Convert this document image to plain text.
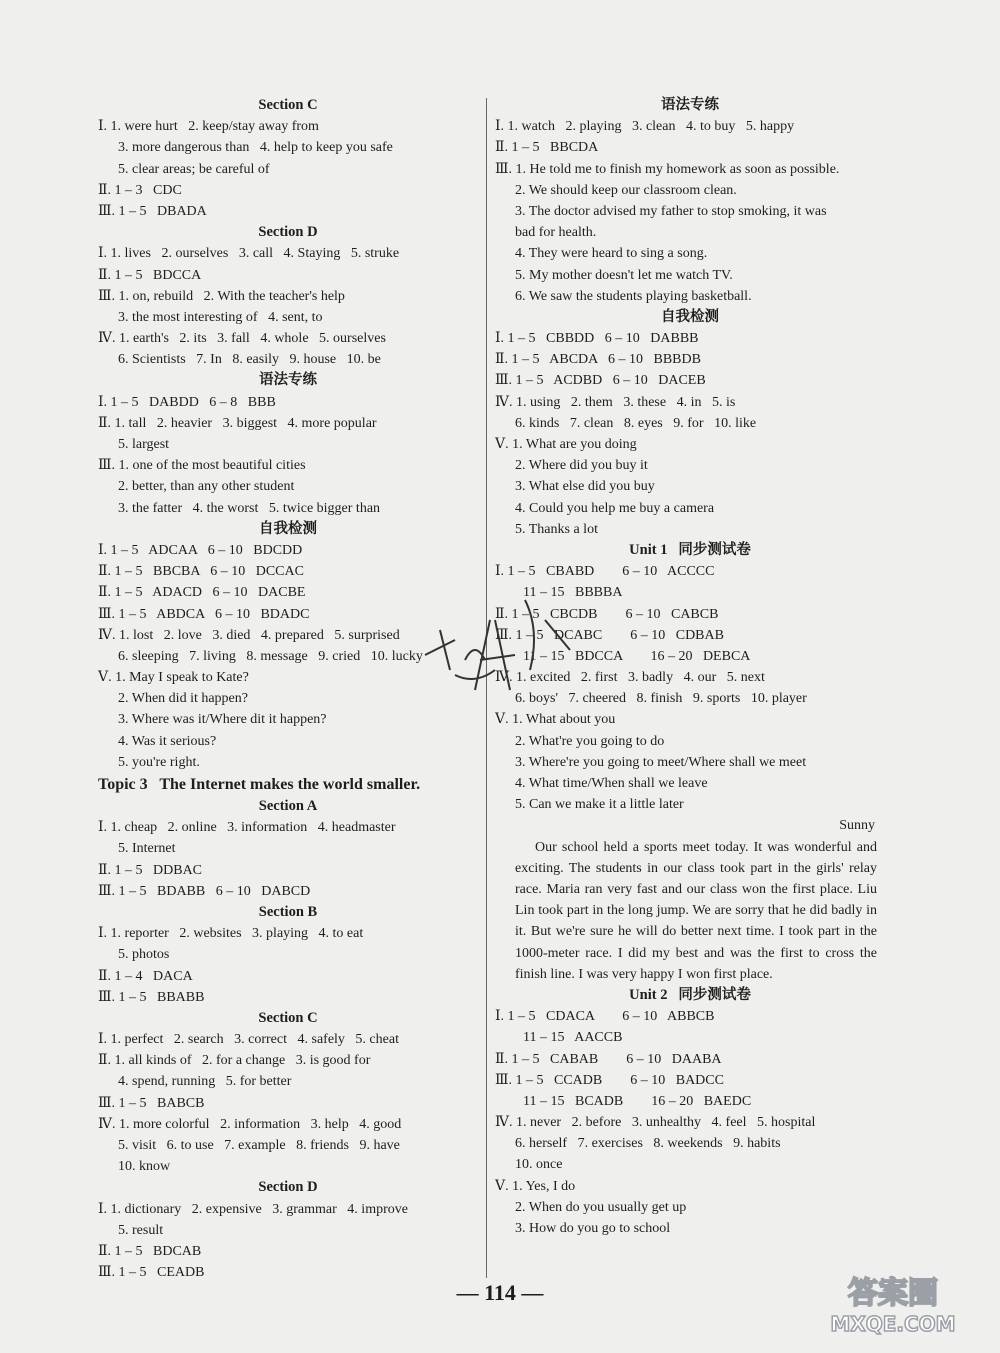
Section C
Ⅰ. 1. were hurt   2. keep/stay away from
3. more dangerous than   4. help to keep you safe
5. clear areas; be careful of
Ⅱ. 1 – 3   CDC
Ⅲ. 1 – 5   DBADA
Section D
Ⅰ. 1. lives   2. ourselves   3. call   4. Staying   5. struke
Ⅱ. 1 – 5   BDCCA
Ⅲ. 1. on, rebuild   2. With the teacher's help
3. the most interesting of   4. sent, to
Ⅳ. 1. earth's   2. its   3. fall   4. whole   5. ourselves
6. Scientists   7. In   8. easily   9. house   10. be
语法专练
Ⅰ. 1 – 5   DABDD   6 – 8   BBB
Ⅱ. 1. tall   2. heavier   3. biggest   4. more popular
5. largest
Ⅲ. 1. one of the most beautiful cities
2. better, than any other student
3. the fatter   4. the worst   5. twice bigger than
自我检测
Ⅰ. 1 – 5   ADCAA   6 – 10   BDCDD
Ⅱ. 1 – 5   BBCBA   6 – 10   DCCAC
Ⅱ. 1 – 5   ADACD   6 – 10   DACBE
Ⅲ. 1 – 5   ABDCA   6 – 10   BDADC
Ⅳ. 1. lost   2. love   3. died   4. prepared   5. surprised
6. sleeping   7. living   8. message   9. cried   10. lucky
Ⅴ. 1. May I speak to Kate?
2. When did it happen?
3. Where was it/Where dit it happen?
4. Was it serious?
5. you're right.
Topic 3   The Internet makes the world smaller.
Section A
Ⅰ. 1. cheap   2. online   3. information   4. headmaster
5. Internet
Ⅱ. 1 – 5   DDBAC
Ⅲ. 1 – 5   BDABB   6 – 10   DABCD
Section B
Ⅰ. 1. reporter   2. websites   3. playing   4. to eat
5. photos
Ⅱ. 1 – 4   DACA
Ⅲ. 1 – 5   BBABB
Section C
Ⅰ. 1. perfect   2. search   3. correct   4. safely   5. cheat
Ⅱ. 1. all kinds of   2. for a change   3. is good for
4. spend, running   5. for better
Ⅲ. 1 – 5   BABCB
Ⅳ. 1. more colorful   2. information   3. help   4. good
5. visit   6. to use   7. example   8. friends   9. have
10. know
Section D
Ⅰ. 1. dictionary   2. expensive   3. grammar   4. improve
5. result
Ⅱ. 1 – 5   BDCAB
Ⅲ. 1 – 5   CEADB
语法专练
Ⅰ. 1. watch   2. playing   3. clean   4. to buy   5. happy
Ⅱ. 1 – 5   BBCDA
Ⅲ. 1. He told me to finish my homework as soon as possible.
2. We should keep our classroom clean.
3. The doctor advised my father to stop smoking, it was
bad for health.
4. They were heard to sing a song.
5. My mother doesn't let me watch TV.
6. We saw the students playing basketball.
自我检测
Ⅰ. 1 – 5   CBBDD   6 – 10   DABBB
Ⅱ. 1 – 5   ABCDA   6 – 10   BBBDB
Ⅲ. 1 – 5   ACDBD   6 – 10   DACEB
Ⅳ. 1. using   2. them   3. these   4. in   5. is
6. kinds   7. clean   8. eyes   9. for   10. like
Ⅴ. 1. What are you doing
2. Where did you buy it
3. What else did you buy
4. Could you help me buy a camera
5. Thanks a lot
Unit 1   同步测试卷
Ⅰ. 1 – 5   CBABD        6 – 10   ACCCC
11 – 15   BBBBA
Ⅱ. 1 – 5   CBCDB        6 – 10   CABCB
Ⅲ. 1 – 5   DCABC        6 – 10   CDBAB
11 – 15   BDCCA        16 – 20   DEBCA
Ⅳ. 1. excited   2. first   3. badly   4. our   5. next
6. boys'   7. cheered   8. finish   9. sports   10. player
Ⅴ. 1. What about you
2. What're you going to do
3. Where're you going to meet/Where shall we meet
4. What time/When shall we leave
5. Can we make it a little later

Sunny

Our school held a sports meet today. It was wonderful and exciting. The students in our class took part in the girls' relay race. Maria ran very fast and our class won the first place. Liu Lin took part in the long jump. We are sorry that he did badly in it. But we're sure he will do better next time. I took part in the 1000-meter race. I did my best and was the first to cross the finish line. I was very happy I won first place.
Unit 2   同步测试卷
Ⅰ. 1 – 5   CDACA        6 – 10   ABBCB
11 – 15   AACCB
Ⅱ. 1 – 5   CABAB        6 – 10   DAABA
Ⅲ. 1 – 5   CCADB        6 – 10   BADCC
11 – 15   BCADB        16 – 20   BAEDC
Ⅳ. 1. never   2. before   3. unhealthy   4. feel   5. hospital
6. herself   7. exercises   8. weekends   9. habits
10. once
Ⅴ. 1. Yes, I do
2. When do you usually get up
3. How do you go to school
— 114 —	答案圈
MXQE.COM
